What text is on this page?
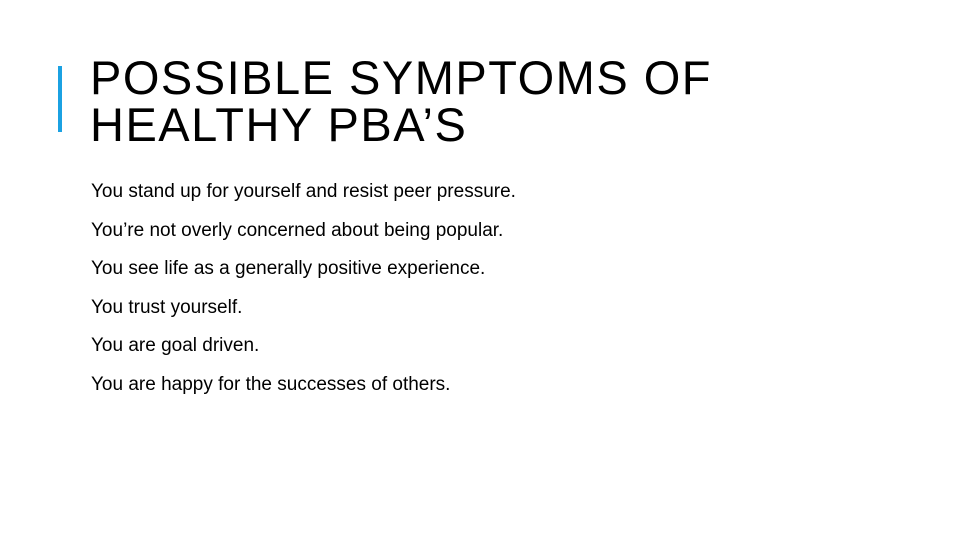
POSSIBLE SYMPTOMS OF
HEALTHY PBA’S
You stand up for yourself and resist peer pressure.
You’re not overly concerned about being popular.
You see life as a generally positive experience.
You trust yourself.
You are goal driven.
You are happy for the successes of others.
